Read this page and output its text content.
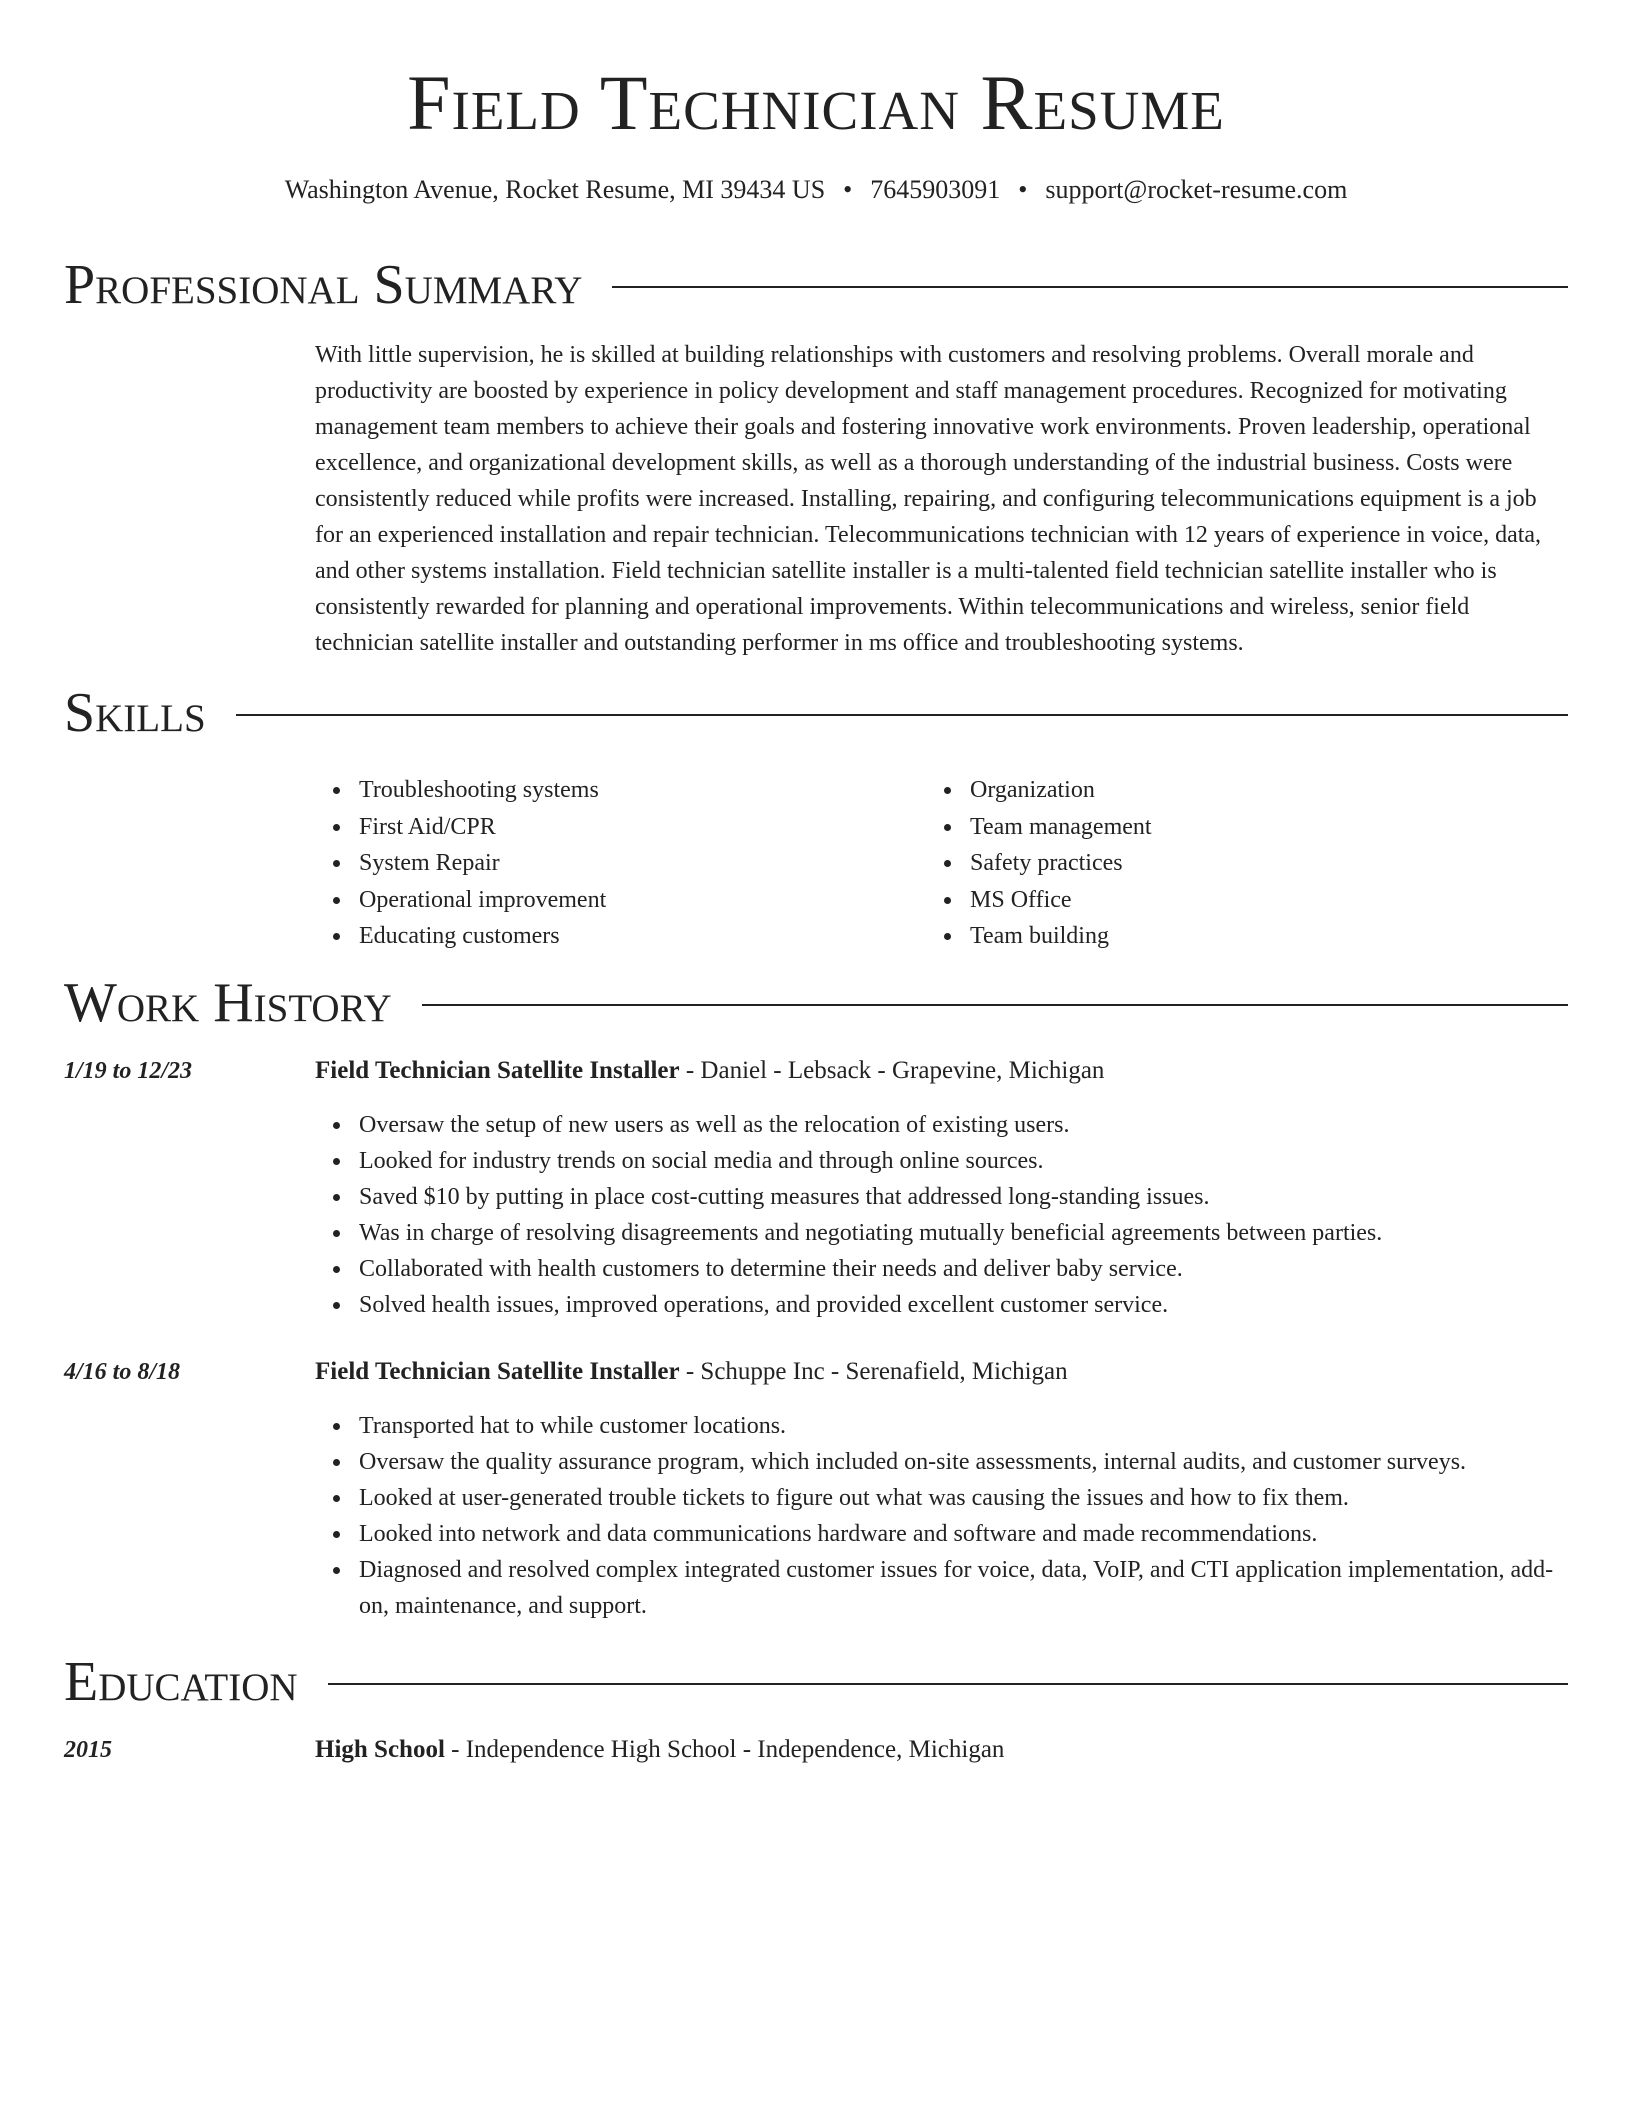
Field Technician Resume
Washington Avenue, Rocket Resume, MI 39434 US • 7645903091 • support@rocket-resume.com
Professional Summary

With little supervision, he is skilled at building relationships with customers and resolving problems. Overall morale and productivity are boosted by experience in policy development and staff management procedures. Recognized for motivating management team members to achieve their goals and fostering innovative work environments. Proven leadership, operational excellence, and organizational development skills, as well as a thorough understanding of the industrial business. Costs were consistently reduced while profits were increased. Installing, repairing, and configuring telecommunications equipment is a job for an experienced installation and repair technician. Telecommunications technician with 12 years of experience in voice, data, and other systems installation. Field technician satellite installer is a multi-talented field technician satellite installer who is consistently rewarded for planning and operational improvements. Within telecommunications and wireless, senior field technician satellite installer and outstanding performer in ms office and troubleshooting systems.

Skills
Troubleshooting systems
First Aid/CPR
System Repair
Operational improvement
Educating customers
Organization
Team management
Safety practices
MS Office
Team building
Work History
1/19 to 12/23	Field Technician Satellite Installer - Daniel - Lebsack - Grapevine, Michigan
Oversaw the setup of new users as well as the relocation of existing users.
Looked for industry trends on social media and through online sources.
Saved $10 by putting in place cost-cutting measures that addressed long-standing issues.
Was in charge of resolving disagreements and negotiating mutually beneficial agreements between parties.
Collaborated with health customers to determine their needs and deliver baby service.
Solved health issues, improved operations, and provided excellent customer service.
4/16 to 8/18	Field Technician Satellite Installer - Schuppe Inc - Serenafield, Michigan
Transported hat to while customer locations.
Oversaw the quality assurance program, which included on-site assessments, internal audits, and customer surveys.
Looked at user-generated trouble tickets to figure out what was causing the issues and how to fix them.
Looked into network and data communications hardware and software and made recommendations.
Diagnosed and resolved complex integrated customer issues for voice, data, VoIP, and CTI application implementation, add-on, maintenance, and support.
Education
2015	High School - Independence High School - Independence, Michigan
